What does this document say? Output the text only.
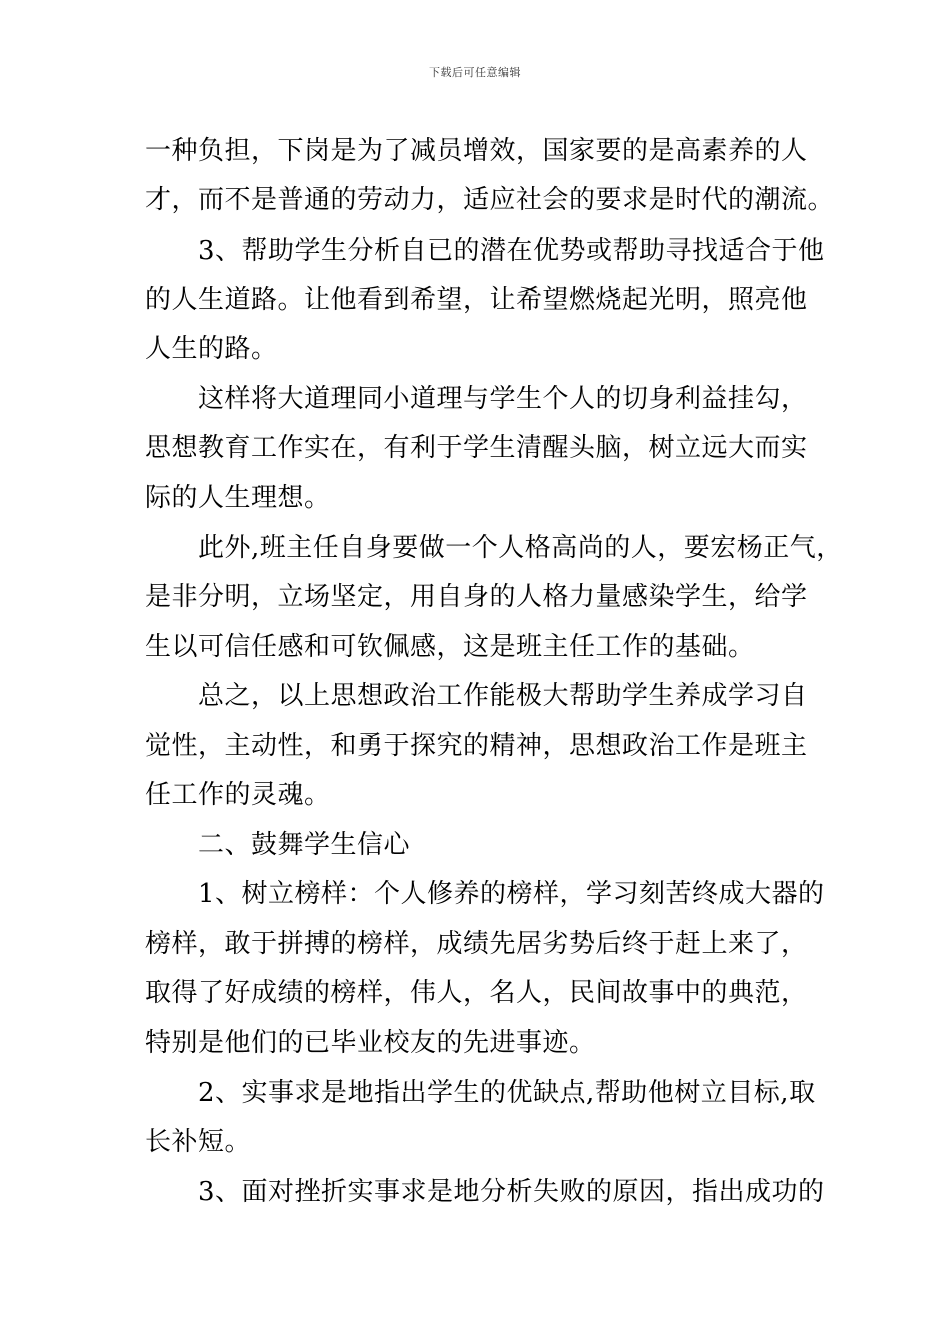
下载后可任意编辑
一种负担，下岗是为了减员增效，国家要的是高素养的人
才，而不是普通的劳动力，适应社会的要求是时代的潮流。
　　3、帮助学生分析自已的潜在优势或帮助寻找适合于他
的人生道路。让他看到希望，让希望燃烧起光明，照亮他
人生的路。
　　这样将大道理同小道理与学生个人的切身利益挂勾，
思想教育工作实在，有利于学生清醒头脑，树立远大而实
际的人生理想。
　　此外,班主任自身要做一个人格高尚的人，要宏杨正气，
是非分明，立场坚定，用自身的人格力量感染学生，给学
生以可信任感和可钦佩感，这是班主任工作的基础。
　　总之，以上思想政治工作能极大帮助学生养成学习自
觉性，主动性，和勇于探究的精神，思想政治工作是班主
任工作的灵魂。
　　二、鼓舞学生信心
　　1、树立榜样：个人修养的榜样，学习刻苦终成大器的
榜样，敢于拼搏的榜样，成绩先居劣势后终于赶上来了，
取得了好成绩的榜样，伟人，名人，民间故事中的典范，
特别是他们的已毕业校友的先进事迹。
　　2、实事求是地指出学生的优缺点,帮助他树立目标,取
长补短。
　　3、面对挫折实事求是地分析失败的原因，指出成功的
